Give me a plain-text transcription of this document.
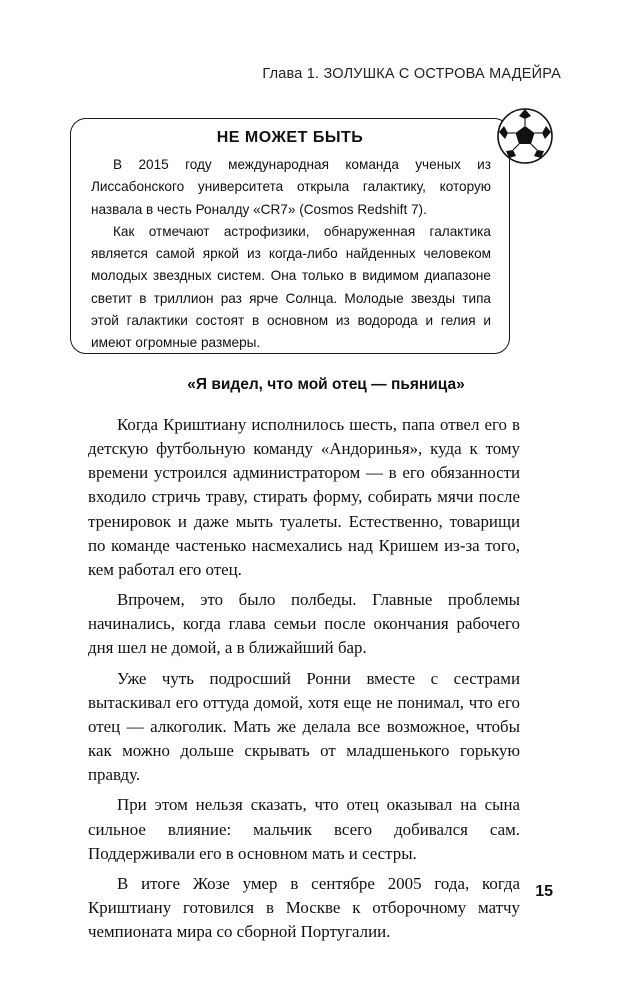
Глава 1. ЗОЛУШКА С ОСТРОВА МАДЕЙРА
НЕ МОЖЕТ БЫТЬ

В 2015 году международная команда ученых из Лиссабонского университета открыла галактику, которую назвала в честь Роналду «CR7» (Cosmos Redshift 7).

Как отмечают астрофизики, обнаруженная галактика является самой яркой из когда-либо найденных человеком молодых звездных систем. Она только в видимом диапазоне светит в триллион раз ярче Солнца. Молодые звезды типа этой галактики состоят в основном из водорода и гелия и имеют огромные размеры.

«Я видел, что мой отец — пьяница»

Когда Криштиану исполнилось шесть, папа отвел его в детскую футбольную команду «Андоринья», куда к тому времени устроился администратором — в его обязанности входило стричь траву, стирать форму, собирать мячи после тренировок и даже мыть туалеты. Естественно, товарищи по команде частенько насмехались над Кришем из-за того, кем работал его отец.

Впрочем, это было полбеды. Главные проблемы начинались, когда глава семьи после окончания рабочего дня шел не домой, а в ближайший бар.

Уже чуть подросший Ронни вместе с сестрами вытаскивал его оттуда домой, хотя еще не понимал, что его отец — алкоголик. Мать же делала все возможное, чтобы как можно дольше скрывать от младшенького горькую правду.

При этом нельзя сказать, что отец оказывал на сына сильное влияние: мальчик всего добивался сам. Поддерживали его в основном мать и сестры.

В итоге Жозе умер в сентябре 2005 года, когда Криштиану готовился в Москве к отборочному матчу чемпионата мира со сборной Португалии.

15
